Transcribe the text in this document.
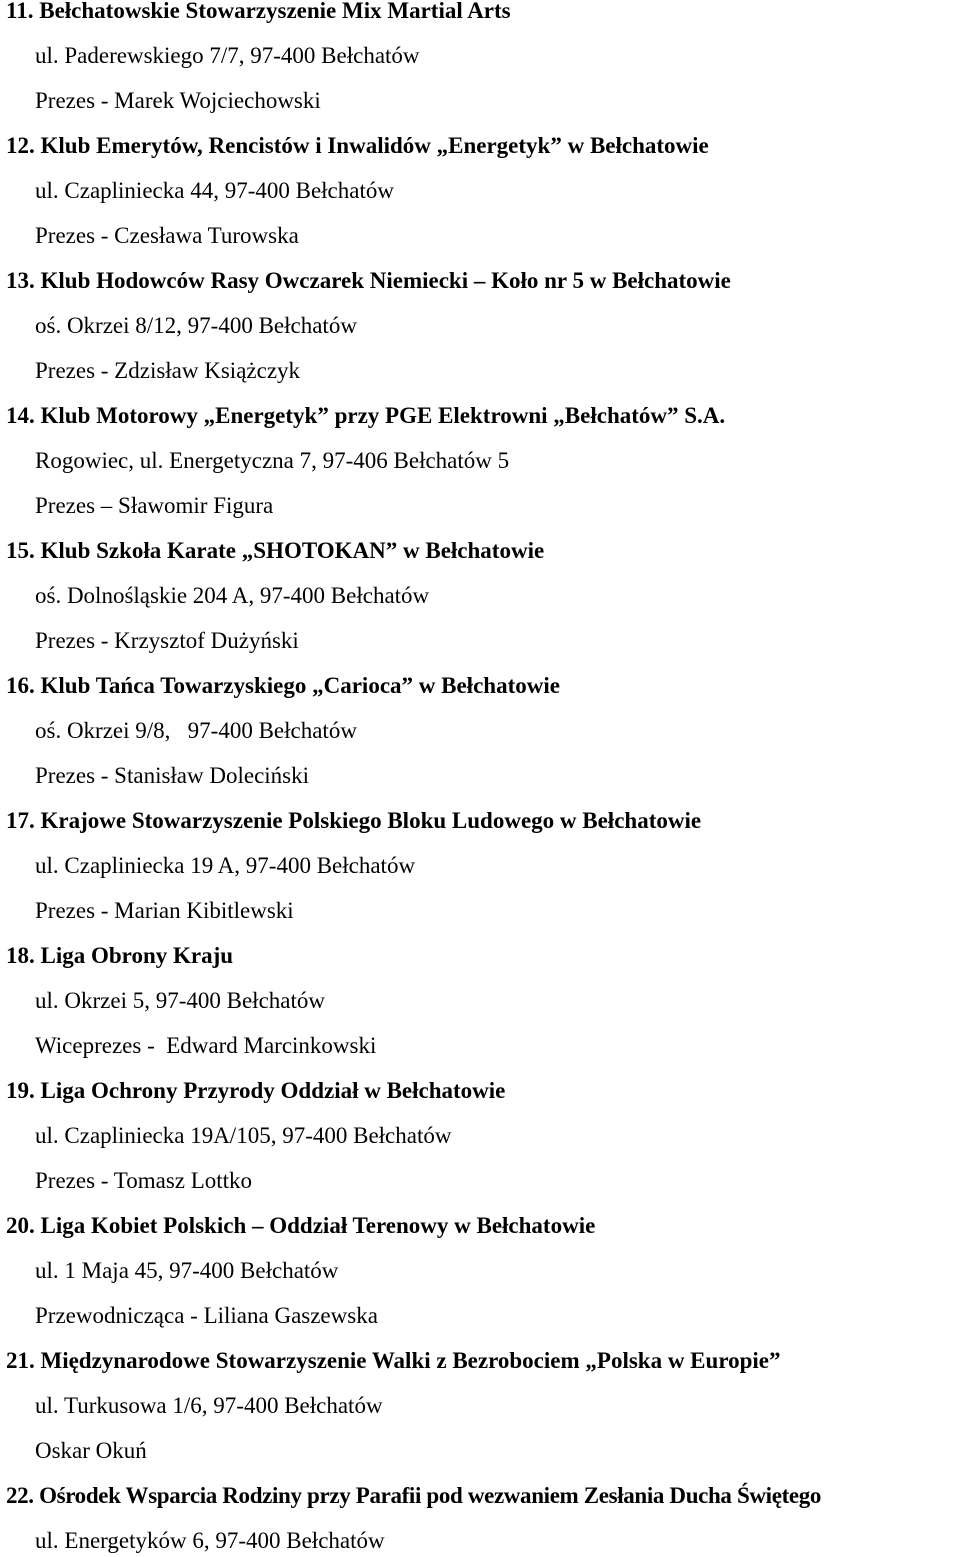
11. Bełchatowskie Stowarzyszenie Mix Martial Arts
ul. Paderewskiego 7/7, 97-400 Bełchatów
Prezes - Marek Wojciechowski
12. Klub Emerytów, Rencistów i Inwalidów „Energetyk” w Bełchatowie
ul. Czapliniecka 44, 97-400 Bełchatów
Prezes - Czesława Turowska
13. Klub Hodowców Rasy Owczarek Niemiecki – Koło nr 5 w Bełchatowie
oś. Okrzei 8/12, 97-400 Bełchatów
Prezes - Zdzisław Książczyk
14. Klub Motorowy „Energetyk” przy PGE Elektrowni „Bełchatów” S.A.
Rogowiec, ul. Energetyczna 7, 97-406 Bełchatów 5
Prezes – Sławomir Figura
15. Klub Szkoła Karate „SHOTOKAN” w Bełchatowie
oś. Dolnośląskie 204 A, 97-400 Bełchatów
Prezes - Krzysztof Dużyński
16. Klub Tańca Towarzyskiego „Carioca” w Bełchatowie
oś. Okrzei 9/8,   97-400 Bełchatów
Prezes - Stanisław Doleciński
17. Krajowe Stowarzyszenie Polskiego Bloku Ludowego w Bełchatowie
ul. Czapliniecka 19 A, 97-400 Bełchatów
Prezes - Marian Kibitlewski
18. Liga Obrony Kraju
ul. Okrzei 5, 97-400 Bełchatów
Wiceprezes -  Edward Marcinkowski
19. Liga Ochrony Przyrody Oddział w Bełchatowie
ul. Czapliniecka 19A/105, 97-400 Bełchatów
Prezes - Tomasz Lottko
20. Liga Kobiet Polskich – Oddział Terenowy w Bełchatowie
ul. 1 Maja 45, 97-400 Bełchatów
Przewodnicząca - Liliana Gaszewska
21. Międzynarodowe Stowarzyszenie Walki z Bezrobociem „Polska w Europie”
ul. Turkusowa 1/6, 97-400 Bełchatów
Oskar Okuń
22. Ośrodek Wsparcia Rodziny przy Parafii pod wezwaniem Zesłania Ducha Świętego
ul. Energetyków 6, 97-400 Bełchatów
